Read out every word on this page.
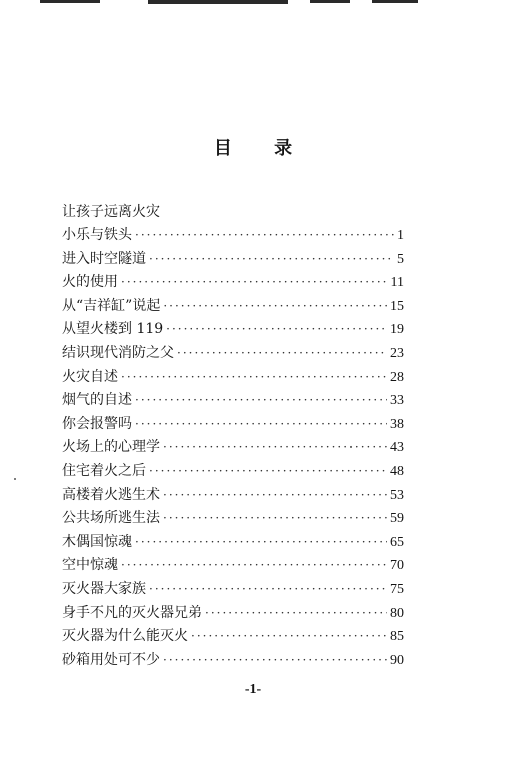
目 录
让孩子远离火灾
小乐与铁头 ·····	1
进入时空隧道 ·····	5
火的使用 ·····	11
从“吉祥缸”说起 ·····	15
从望火楼到 119 ·····	19
结识现代消防之父 ·····	23
火灾自述 ·····	28
烟气的自述 ·····	33
你会报警吗 ·····	38
火场上的心理学 ·····	43
住宅着火之后 ·····	48
高楼着火逃生术 ·····	53
公共场所逃生法 ·····	59
木偶国惊魂 ·····	65
空中惊魂 ·····	70
灭火器大家族 ·····	75
身手不凡的灭火器兄弟 ·····	80
灭火器为什么能灭火 ·····	85
砂箱用处可不少 ·····	90
-1-
